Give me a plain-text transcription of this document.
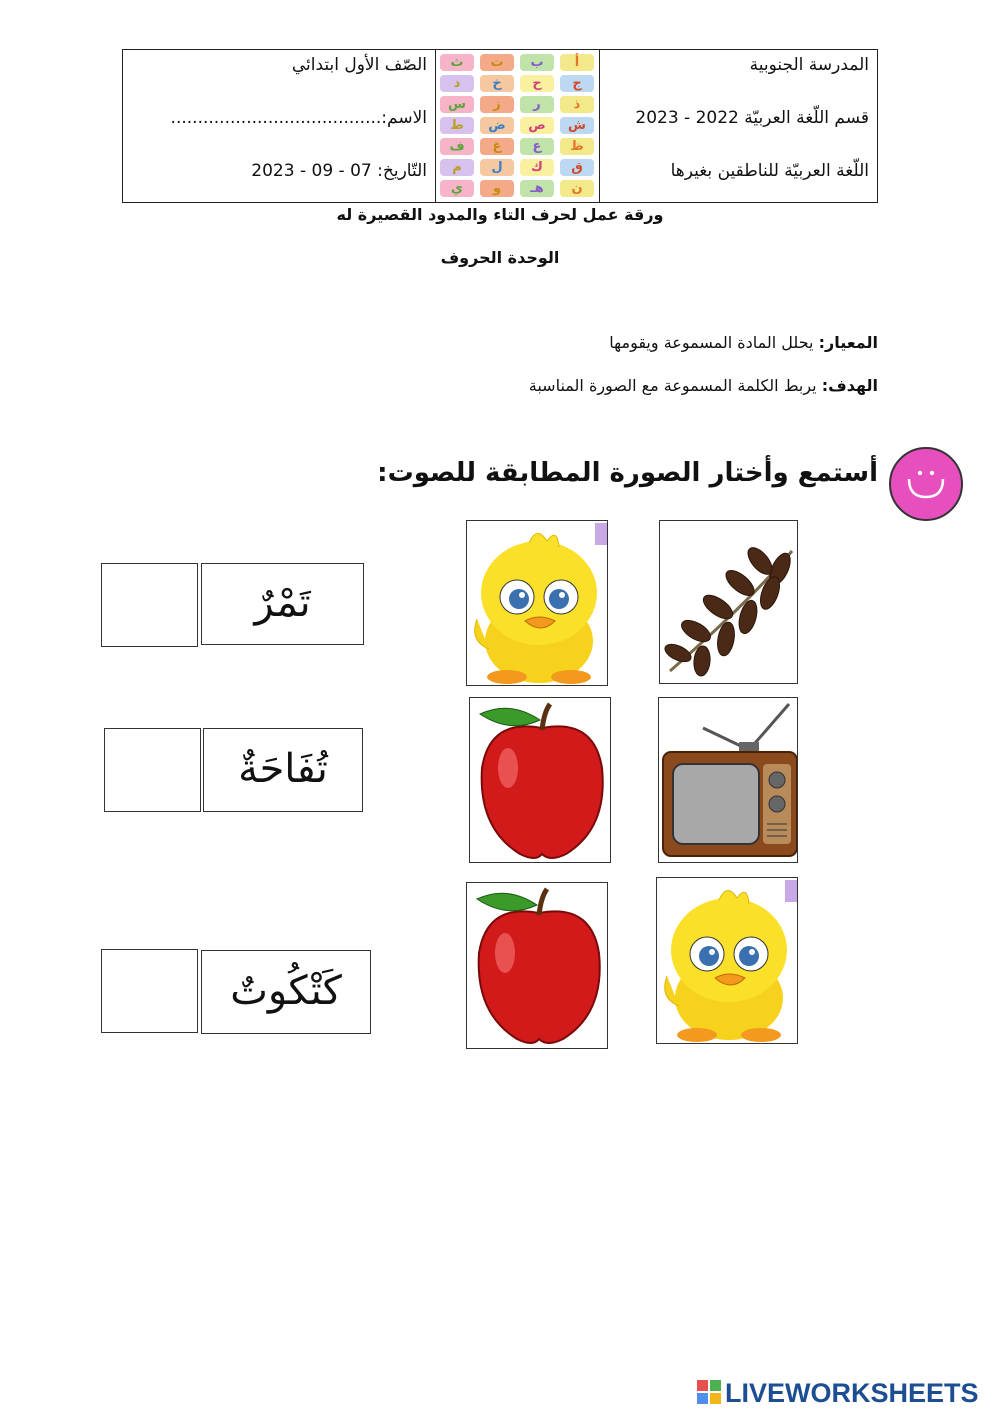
الصّف الأول ابتدائي
الاسم:.......................................
التّاريخ: 07 - 09 - 2023
أ
ب
ت
ث
ج
ح
خ
د
ذ
ر
ز
س
ش
ص
ض
ط
ظ
ع
غ
ف
ق
ك
ل
م
ن
هـ
و
ي
المدرسة الجنوبية
قسم اللّغة العربيّة 2022 - 2023
اللّغة العربيّة للناطقين بغيرها
ورقة عمل لحرف التاء والمدود القصيرة له
الوحدة الحروف
المعيار: يحلل المادة المسموعة ويقومها
الهدف: يربط الكلمة المسموعة مع الصورة المناسبة
أستمع وأختار الصورة المطابقة للصوت:
تَمْرٌ
تُفَاحَةٌ
كَتْكُوتٌ
LIVEWORKSHEETS
